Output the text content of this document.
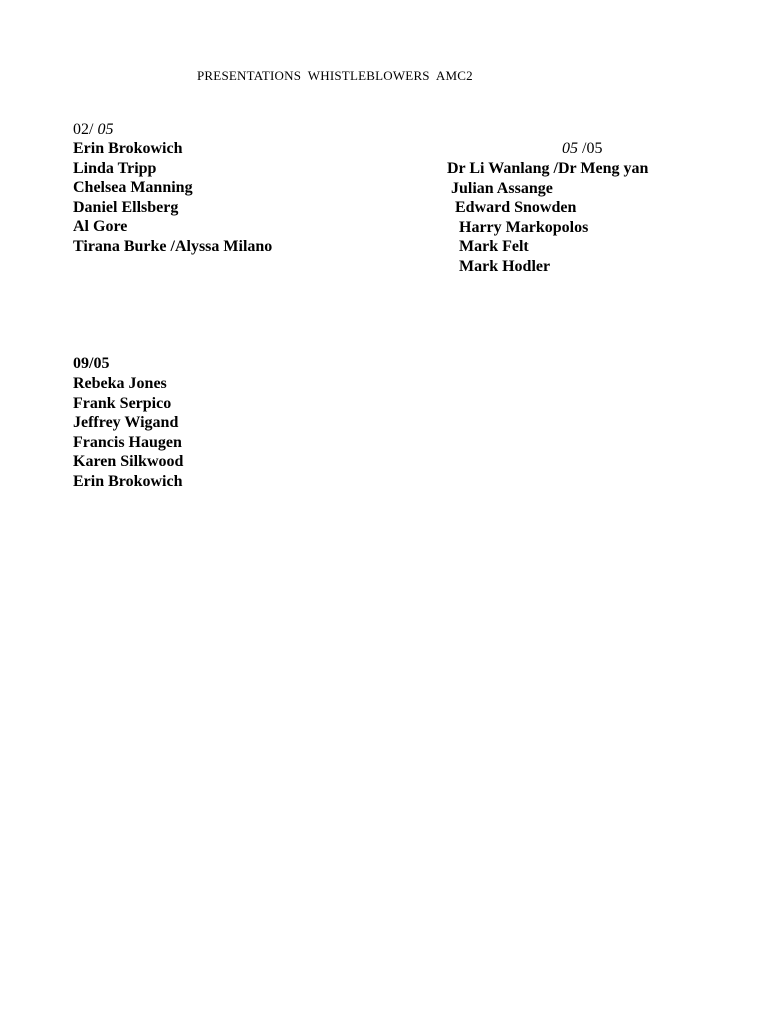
PRESENTATIONS  WHISTLEBLOWERS  AMC2
02/ 05
Erin Brokowich
Linda Tripp
Chelsea Manning
Daniel Ellsberg
Al Gore
Tirana Burke /Alyssa Milano
05 /05
Dr Li Wanlang /Dr Meng yan
Julian Assange
Edward Snowden
Harry Markopolos
Mark Felt
Mark Hodler
09/05
Rebeka Jones
Frank Serpico
Jeffrey Wigand
Francis Haugen
Karen Silkwood
Erin Brokowich
